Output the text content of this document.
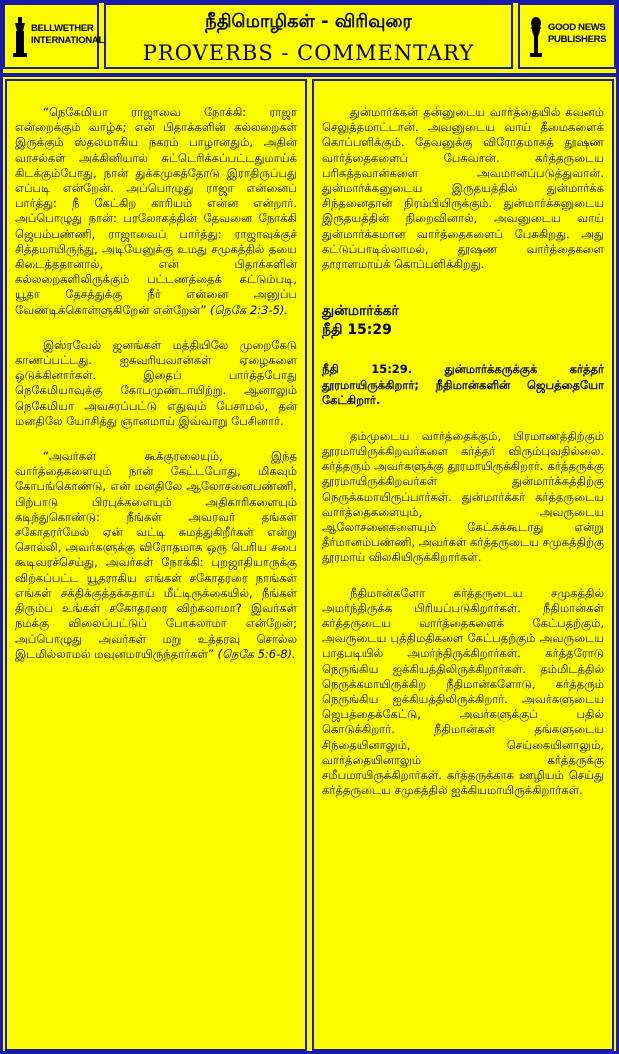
BELLWETHER
INTERNATIONAL
நீதிமொழிகள் - விரிவுரை
PROVERBS - COMMENTARY
GOOD NEWS
PUBLISHERS

“நெகேமியா ராஜாவை நோக்கி: ராஜா என்றைக்கும் வாழ்க; என் பிதாக்களின் கல்லறைகள் இருக்கும் ஸ்தலமாகிய நகரம் பாழானதும், அதின் வாசல்கள் அக்கினியால் சுட்டெரிக்கப்பட்டதுமாய்க் கிடக்கும்போது, நான் துக்கமுகத்தோடு இராதிருப்பது எப்படி என்றேன். அப்பொழுது ராஜா என்னைப் பார்த்து: நீ கேட்கிற காரியம் என்ன என்றார். அப்பொழுது நான்: பரலோகத்தின் தேவனை நோக்கி ஜெபம்பண்ணி, ராஜாவைப் பார்த்து: ராஜாவுக்குச் சித்தமாயிருந்து, அடியேனுக்கு உமது சமுகத்தில் தயை கிடைத்ததானால், என் பிதாக்களின் கல்லறைகளிலிருக்கும் பட்டணத்தைக் கட்டும்படி, யூதா தேசத்துக்கு நீர் என்னை அனுப்ப வேண்டிக்கொள்ளுகிறேன் என்றேன்” (நெகே 2:3-5).

இஸ்ரவேல் ஜனங்கள் மத்தியிலே முறைகேடு காணப்பட்டது. ஐசுவரியவான்கள் ஏழைகளை ஒடுக்கினார்கள். இதைப் பார்த்தபோது நெகேமியாவுக்கு கோபமுண்டாயிற்று. ஆனாலும் நெகேமியா அவசரப்பட்டு எதுவும் பேசாமல், தன் மனதிலே யோசித்து ஞானமாய் இவ்வாறு பேசினார்.

“அவர்கள் கூக்குரலையும், இந்த வார்த்தைகளையும் நான் கேட்டபோது, மிகவும் கோபங்கொண்டு, என் மனதிலே ஆலோசனைபண்ணி, பிற்பாடு பிரபுக்களையும் அதிகாரிகளையும் கடிந்துகொண்டு: நீங்கள் அவரவர் தங்கள் சகோதரர்மேல் ஏன் வட்டி சுமத்துகிறீர்கள் என்று சொல்லி, அவர்களுக்கு விரோதமாக ஒரு பெரிய சபை கூடிவரச்செய்து, அவர்கள் நோக்கி: புறஜாதியாருக்கு விற்கப்பட்ட யூதராகிய எங்கள் சகோதரரை நாங்கள் எங்கள் சக்திக்குத்தக்கதாய் மீட்டிருக்கையில், நீங்கள் திரும்ப உங்கள் சகோதரரை விற்கலாமா? இவர்கள் நமக்கு விலைப்பட்டுப் போகலாமா என்றேன்; அப்பொழுது அவர்கள் மறு உத்தரவு சொல்ல இடமில்லாமல் மவுனமாயிருந்தார்கள்” (நெகே 5:6-8).

துன்மார்க்கன் தன்னுடைய வார்த்தையில் கவனம் செலுத்தமாட்டான். அவனுடைய வாய் தீமைகளைக் கொப்பளிக்கும். தேவனுக்கு விரோதமாகத் தூஷண வார்த்தைகளைப் பேசுவான். கர்த்தருடைய பரிசுத்தவான்களை அவமானப்படுத்துவான். துன்மார்க்கனுடைய இருதயத்தில் துன்மார்க்க சிந்தனைதான் நிரம்பியிருக்கும். துன்மார்க்கனுடைய இருதயத்தின் நிறைவினால், அவனுடைய வாய் துன்மார்க்கமான வார்த்தைகளைப் பேசுகிறது. அது கட்டுப்பாடில்லாமல், தூஷண வார்த்தைகளை தாராளமாய்க் கொப்பளிக்கிறது.

துன்மார்க்கர்
நீதி 15:29
நீதி 15:29. துன்மார்க்கருக்குக் கர்த்தர் தூரமாயிருக்கிறார்; நீதிமான்களின் ஜெபத்தையோ கேட்கிறார்.

தம்முடைய வார்த்தைக்கும், பிரமாணத்திற்கும் தூரமாயிருக்கிறவர்களை கர்த்தர் விரும்புவதில்லை. கர்த்தரும் அவர்களுக்கு தூரமாயிருக்கிறார். கர்த்தருக்கு தூரமாயிருக்கிறவர்கள் துன்மார்க்கத்திற்கு நெருக்கமாயிருப்பார்கள். துன்மார்க்கர் கர்த்தருடைய வார்த்தைகளையும், அவருடைய ஆலோசனைகளையும் கேட்கக்கூடாது என்று தீர்மானம்பண்ணி, அவர்கள் கர்த்தருடைய சமுகத்திற்கு தூரமாய் விலகியிருக்கிறார்கள்.

நீதிமான்களோ கர்த்தருடைய சமுகத்தில் அமர்ந்திருக்க பிரியப்படுகிறார்கள். நீதிமான்கள் கர்த்தருடைய வார்த்தைகளைக் கேட்பதற்கும், அவருடைய புத்திமதிகளை கேட்பதற்கும் அவருடைய பாதபடியில் அமர்ந்திருக்கிறார்கள். கர்த்தரோடு நெருங்கிய ஐக்கியத்திலிருக்கிறார்கள். தம்மிடத்தில் நெருக்கமாயிருக்கிற நீதிமான்களோடு, கர்த்தரும் நெருங்கிய ஐக்கியத்திலிருக்கிறார். அவர்களுடைய ஜெபத்தைக்கேட்டு, அவர்களுக்குப் பதில் கொடுக்கிறார். நீதிமான்கள் தங்களுடைய சிந்தையினாலும், செய்கையினாலும், வார்த்தையினாலும் கர்த்தருக்கு சமீபமாயிருக்கிறார்கள். கர்த்தருக்காக ஊழியம் செய்து கர்த்தருடைய சமுகத்தில் ஐக்கியமாயிருக்கிறார்கள்.
